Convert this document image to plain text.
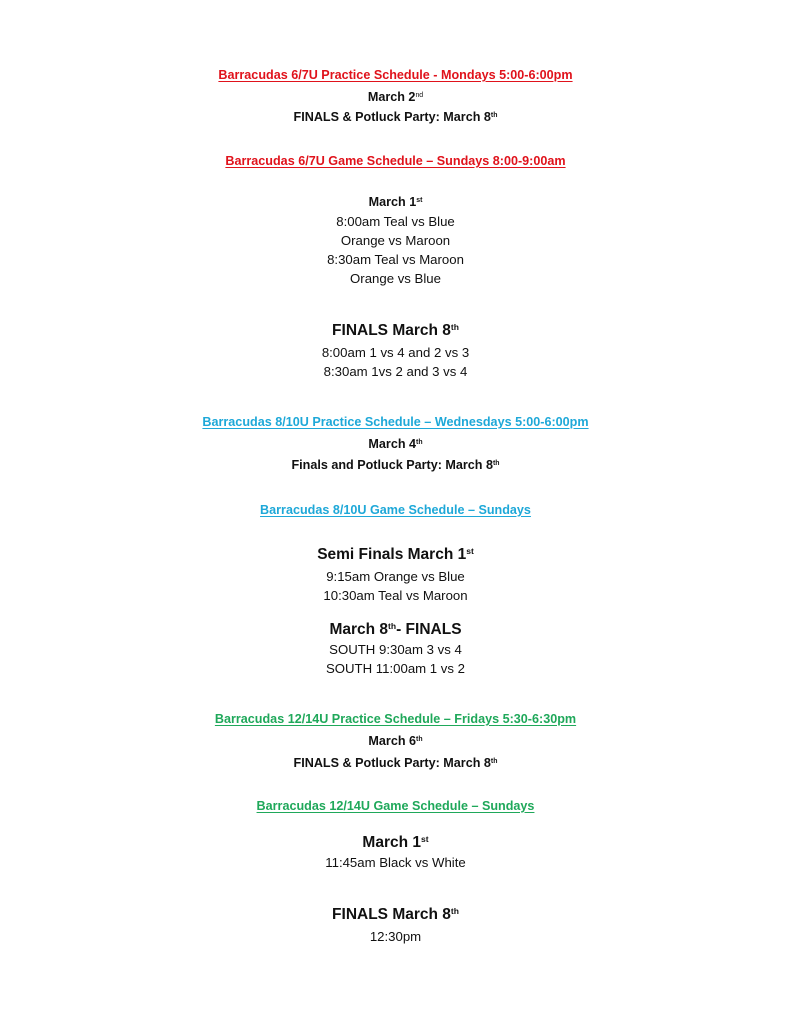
Barracudas 6/7U Practice Schedule - Mondays 5:00-6:00pm
March 2nd
FINALS & Potluck Party: March 8th
Barracudas 6/7U Game Schedule – Sundays 8:00-9:00am
March 1st
8:00am Teal vs Blue
Orange vs Maroon
8:30am Teal vs Maroon
Orange vs Blue
FINALS March 8th
8:00am 1 vs 4 and 2 vs 3
8:30am 1vs 2 and 3 vs 4
Barracudas 8/10U Practice Schedule – Wednesdays 5:00-6:00pm
March 4th
Finals and Potluck Party: March 8th
Barracudas 8/10U Game Schedule – Sundays
Semi Finals March 1st
9:15am Orange vs Blue
10:30am Teal vs Maroon
March 8th- FINALS
SOUTH 9:30am 3 vs 4
SOUTH 11:00am 1 vs 2
Barracudas 12/14U Practice Schedule – Fridays 5:30-6:30pm
March 6th
FINALS & Potluck Party: March 8th
Barracudas 12/14U Game Schedule – Sundays
March 1st
11:45am Black vs White
FINALS March 8th
12:30pm
